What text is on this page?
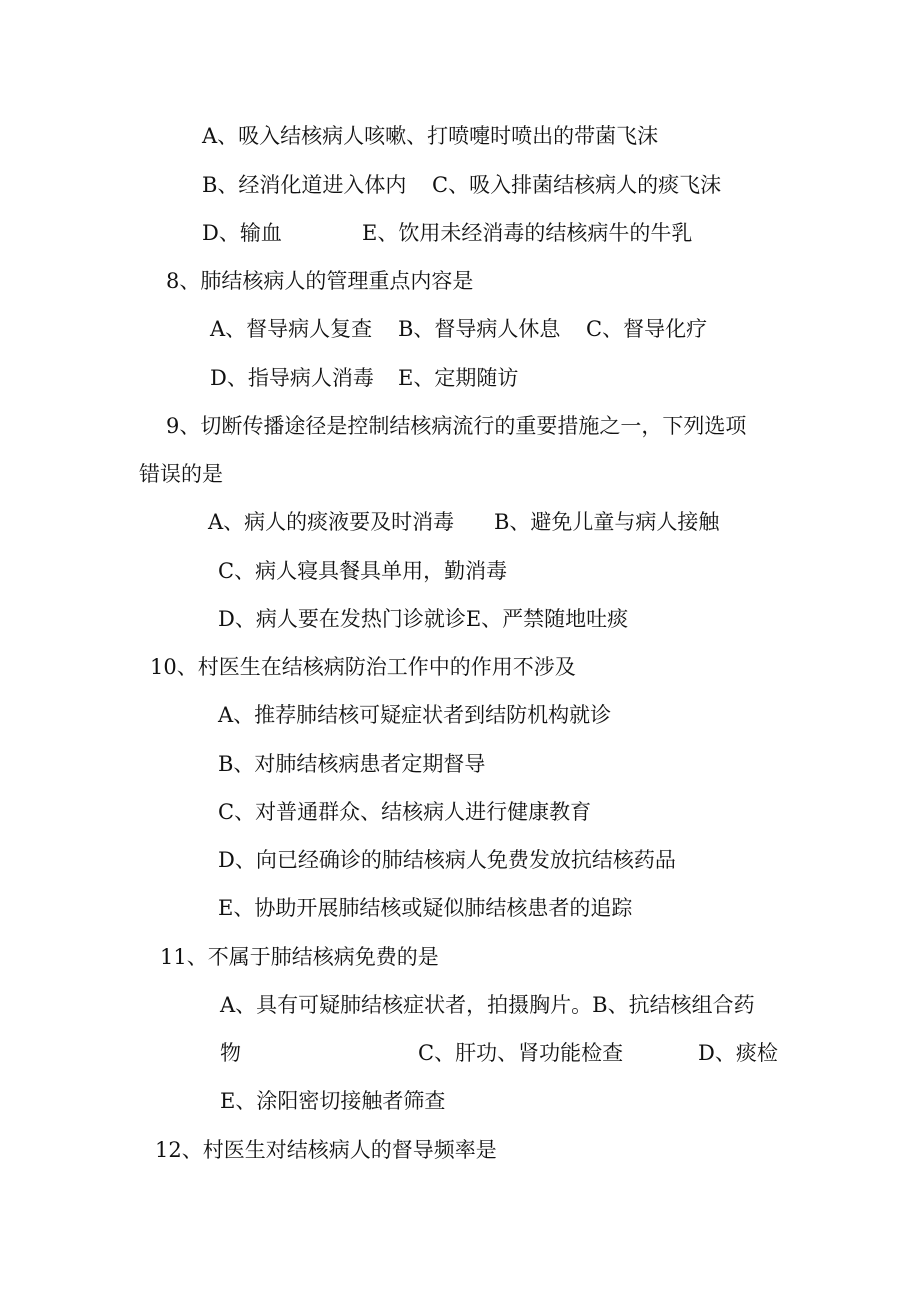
A、吸入结核病人咳嗽、打喷嚏时喷出的带菌飞沫

B、经消化道进入体内

C、吸入排菌结核病人的痰飞沫

D、输血

	E、饮用未经消毒的结核病牛的牛乳

8、肺结核病人的管理重点内容是

A、督导病人复查

B、督导病人休息

C、督导化疗

D、指导病人消毒

E、定期随访

9、切断传播途径是控制结核病流行的重要措施之一，下列选项

错误的是

A、病人的痰液要及时消毒

B、避免儿童与病人接触

C、病人寝具餐具单用，勤消毒

D、病人要在发热门诊就诊E、严禁随地吐痰

10、村医生在结核病防治工作中的作用不涉及

A、推荐肺结核可疑症状者到结防机构就诊

B、对肺结核病患者定期督导

C、对普通群众、结核病人进行健康教育

D、向已经确诊的肺结核病人免费发放抗结核药品

E、协助开展肺结核或疑似肺结核患者的追踪

11、不属于肺结核病免费的是

A、具有可疑肺结核症状者，拍摄胸片。B、抗结核组合药

物

	C、肝功、肾功能检查

	D、痰检

E、涂阳密切接触者筛查

12、村医生对结核病人的督导频率是
